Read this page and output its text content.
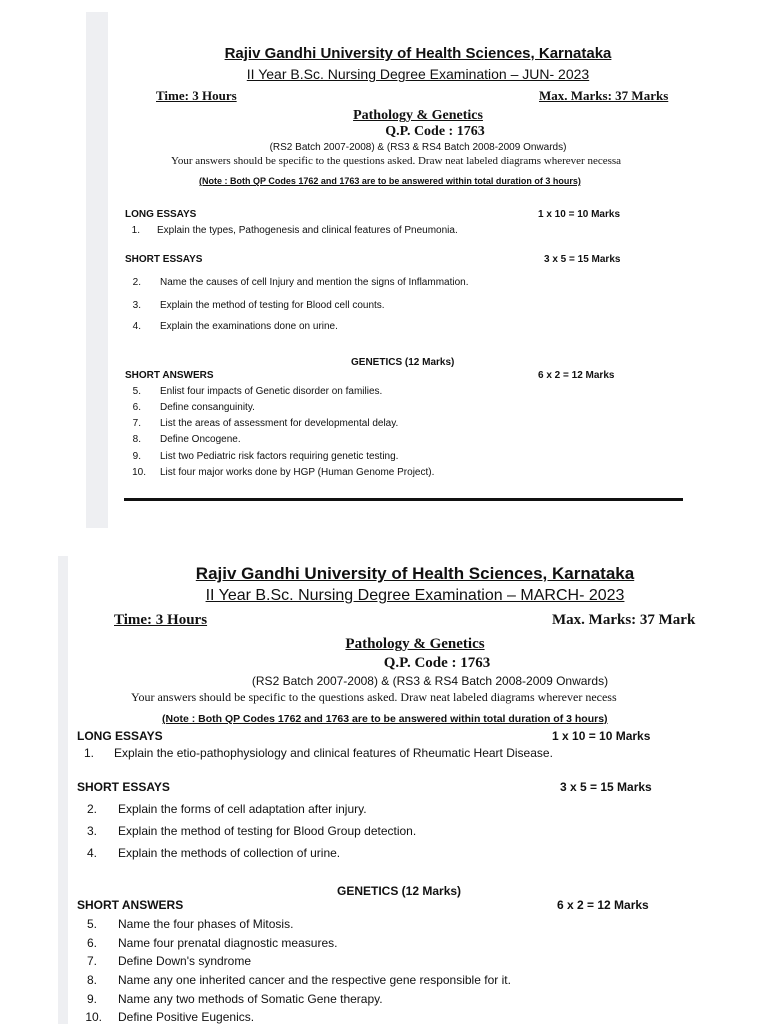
Rajiv Gandhi University of Health Sciences, Karnataka
II Year B.Sc. Nursing Degree Examination – JUN- 2023
Time: 3 Hours	Max. Marks: 37 Marks
Pathology & Genetics
Q.P. Code : 1763
(RS2 Batch 2007-2008) & (RS3 & RS4 Batch 2008-2009 Onwards)
Your answers should be specific to the questions asked. Draw neat labeled diagrams wherever necessa
(Note : Both QP Codes 1762 and 1763 are to be answered within total duration of 3 hours)
LONG ESSAYS	1 x 10 = 10 Marks
1. Explain the types, Pathogenesis and clinical features of Pneumonia.
SHORT ESSAYS	3 x 5 = 15 Marks
2. Name the causes of cell Injury and mention the signs of Inflammation.
3. Explain the method of testing for Blood cell counts.
4. Explain the examinations done on urine.
GENETICS (12 Marks)
SHORT ANSWERS	6 x 2 = 12 Marks
5. Enlist four impacts of Genetic disorder on families.
6. Define consanguinity.
7. List the areas of assessment for developmental delay.
8. Define Oncogene.
9. List two Pediatric risk factors requiring genetic testing.
10. List four major works done by HGP (Human Genome Project).
Rajiv Gandhi University of Health Sciences, Karnataka
II Year B.Sc. Nursing Degree Examination – MARCH- 2023
Time: 3 Hours	Max. Marks: 37 Mark
Pathology & Genetics
Q.P. Code : 1763
(RS2 Batch 2007-2008) & (RS3 & RS4 Batch 2008-2009 Onwards)
Your answers should be specific to the questions asked. Draw neat labeled diagrams wherever necess
(Note : Both QP Codes 1762 and 1763 are to be answered within total duration of 3 hours)
LONG ESSAYS	1 x 10 = 10 Marks
1. Explain the etio-pathophysiology and clinical features of Rheumatic Heart Disease.
SHORT ESSAYS	3 x 5 = 15 Marks
2. Explain the forms of cell adaptation after injury.
3. Explain the method of testing for Blood Group detection.
4. Explain the methods of collection of urine.
GENETICS (12 Marks)
SHORT ANSWERS	6 x 2 = 12 Marks
5. Name the four phases of Mitosis.
6. Name four prenatal diagnostic measures.
7. Define Down's syndrome
8. Name any one inherited cancer and the respective gene responsible for it.
9. Name any two methods of Somatic Gene therapy.
10. Define Positive Eugenics.
